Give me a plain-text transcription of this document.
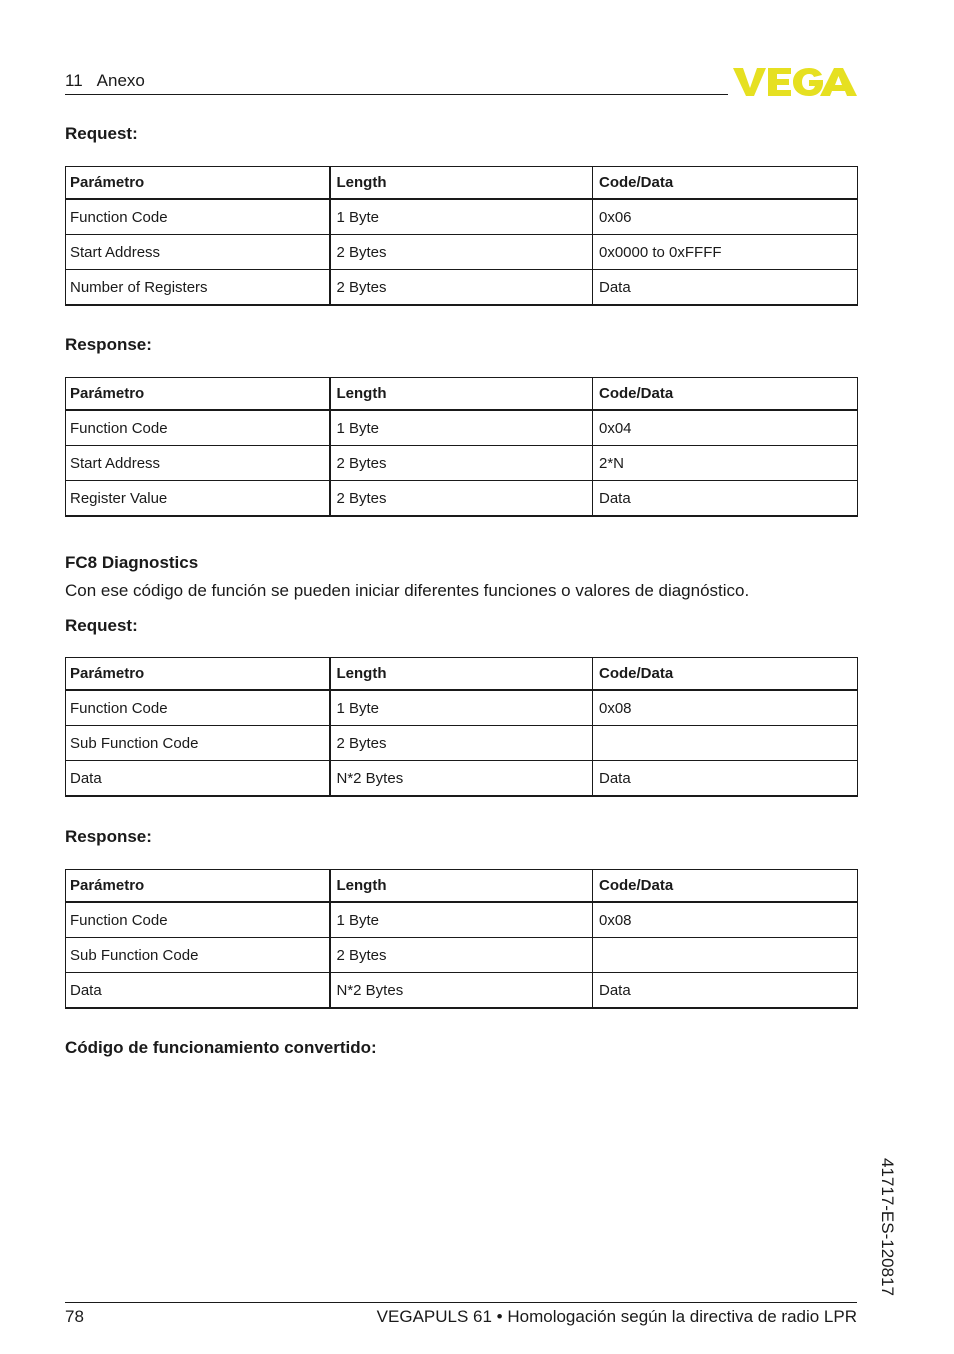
11 Anexo
Request:
Parámetro	Length	Code/Data
Function Code	1 Byte	0x06
Start Address	2 Bytes	0x0000 to 0xFFFF
Number of Registers	2 Bytes	Data
Response:
Parámetro	Length	Code/Data
Function Code	1 Byte	0x04
Start Address	2 Bytes	2*N
Register Value	2 Bytes	Data
FC8 Diagnostics
Con ese código de función se pueden iniciar diferentes funciones o valores de diagnóstico.
Request:
Parámetro	Length	Code/Data
Function Code	1 Byte	0x08
Sub Function Code	2 Bytes	
Data	N*2 Bytes	Data
Response:
Parámetro	Length	Code/Data
Function Code	1 Byte	0x08
Sub Function Code	2 Bytes	
Data	N*2 Bytes	Data
Código de funcionamiento convertido:
41717-ES-120817
78	VEGAPULS 61 • Homologación según la directiva de radio LPR
